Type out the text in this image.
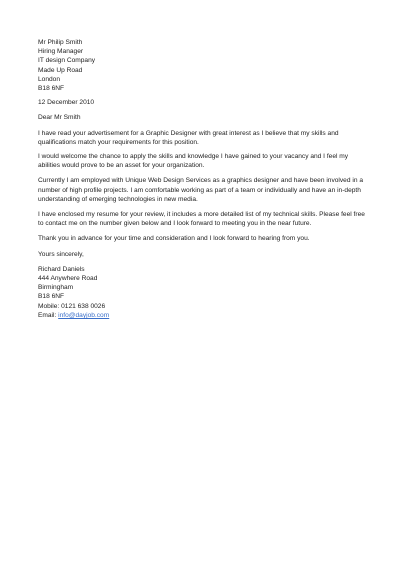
Mr Philip Smith
Hiring Manager
IT design Company
Made Up Road
London
B18 6NF
12 December 2010
Dear Mr Smith

I have read your advertisement for a Graphic Designer with great interest as I believe that my skills and qualifications match your requirements for this position.

I would welcome the chance to apply the skills and knowledge I have gained to your vacancy and I feel my abilities would prove to be an asset for your organization.

Currently I am employed with Unique Web Design Services as a graphics designer and have been involved in a number of high profile projects. I am comfortable working as part of a team or individually and have an in-depth understanding of emerging technologies in new media.

I have enclosed my resume for your review, it includes a more detailed list of my technical skills. Please feel free to contact me on the number given below and I look forward to meeting you in the near future.

Thank you in advance for your time and consideration and I look forward to hearing from you.

Yours sincerely,
Richard Daniels
444 Anywhere Road
Birmingham
B18 6NF
Mobile: 0121 638 0026
Email: info@dayjob.com
